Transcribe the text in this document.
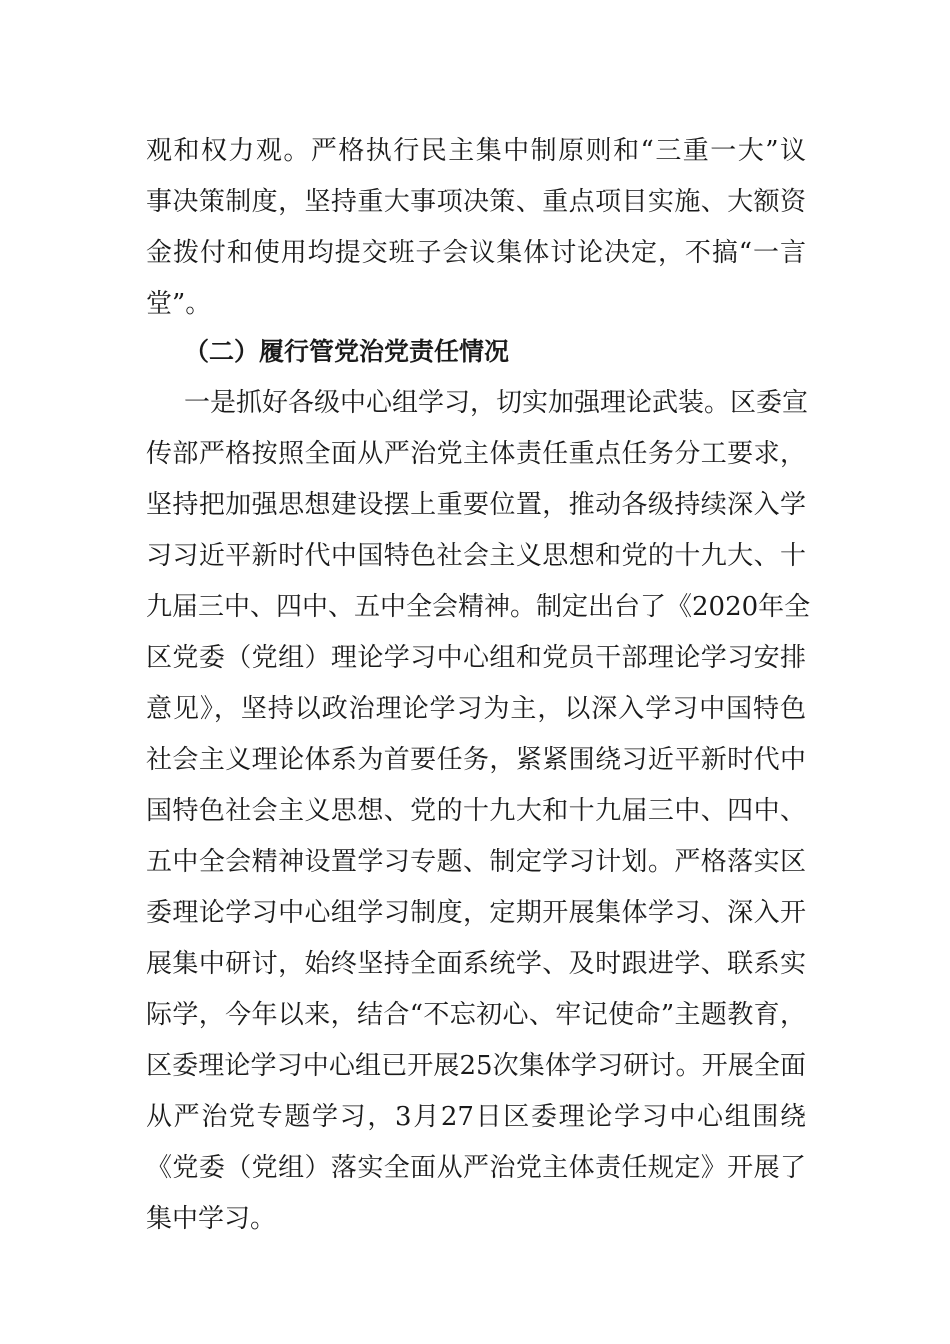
观和权力观。严格执行民主集中制原则和“三重一大”议
事决策制度，坚持重大事项决策、重点项目实施、大额资
金拨付和使用均提交班子会议集体讨论决定，不搞“一言
堂”。
（二）履行管党治党责任情况
一是抓好各级中心组学习，切实加强理论武装。区委宣
传部严格按照全面从严治党主体责任重点任务分工要求，
坚持把加强思想建设摆上重要位置，推动各级持续深入学
习习近平新时代中国特色社会主义思想和党的十九大、十
九届三中、四中、五中全会精神。制定出台了《2020年全
区党委（党组）理论学习中心组和党员干部理论学习安排
意见》，坚持以政治理论学习为主，以深入学习中国特色
社会主义理论体系为首要任务，紧紧围绕习近平新时代中
国特色社会主义思想、党的十九大和十九届三中、四中、
五中全会精神设置学习专题、制定学习计划。严格落实区
委理论学习中心组学习制度，定期开展集体学习、深入开
展集中研讨，始终坚持全面系统学、及时跟进学、联系实
际学，今年以来，结合“不忘初心、牢记使命”主题教育，
区委理论学习中心组已开展25次集体学习研讨。开展全面
从严治党专题学习，3月27日区委理论学习中心组围绕
《党委（党组）落实全面从严治党主体责任规定》开展了
集中学习。
